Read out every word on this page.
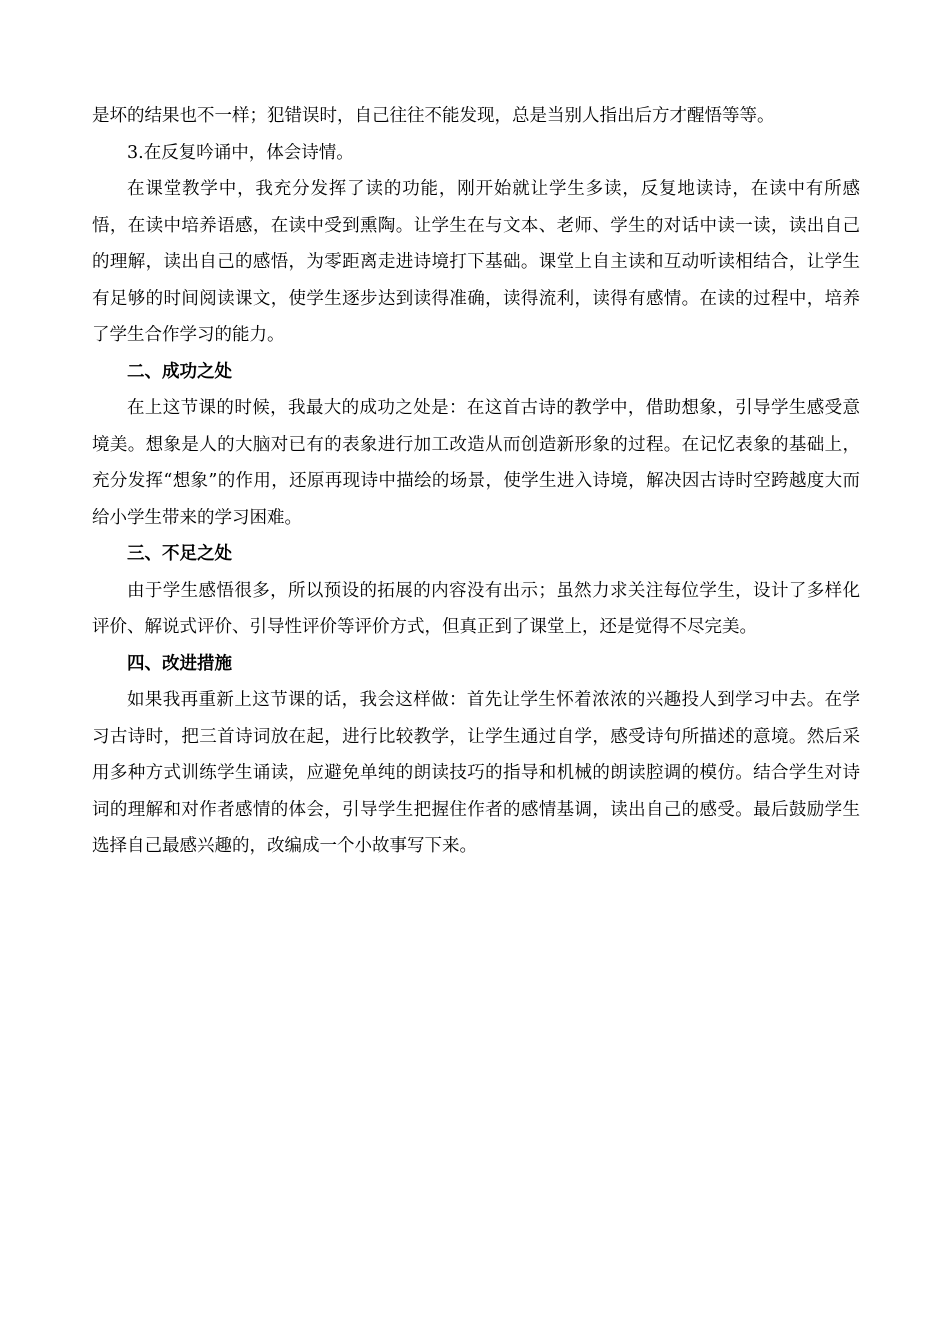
是坏的结果也不一样；犯错误时，自己往往不能发现，总是当别人指出后方才醒悟等等。

3.在反复吟诵中，体会诗情。

在课堂教学中，我充分发挥了读的功能，刚开始就让学生多读，反复地读诗，在读中有所感悟，在读中培养语感，在读中受到熏陶。让学生在与文本、老师、学生的对话中读一读，读出自己的理解，读出自己的感悟，为零距离走进诗境打下基础。课堂上自主读和互动听读相结合，让学生有足够的时间阅读课文，使学生逐步达到读得准确，读得流利，读得有感情。在读的过程中，培养了学生合作学习的能力。

二、成功之处

在上这节课的时候，我最大的成功之处是：在这首古诗的教学中，借助想象，引导学生感受意境美。想象是人的大脑对已有的表象进行加工改造从而创造新形象的过程。在记忆表象的基础上，充分发挥“想象”的作用，还原再现诗中描绘的场景，使学生进入诗境，解决因古诗时空跨越度大而给小学生带来的学习困难。

三、不足之处

由于学生感悟很多，所以预设的拓展的内容没有出示；虽然力求关注每位学生，设计了多样化评价、解说式评价、引导性评价等评价方式，但真正到了课堂上，还是觉得不尽完美。

四、改进措施

如果我再重新上这节课的话，我会这样做：首先让学生怀着浓浓的兴趣投人到学习中去。在学习古诗时，把三首诗词放在起，进行比较教学，让学生通过自学，感受诗句所描述的意境。然后采用多种方式训练学生诵读，应避免单纯的朗读技巧的指导和机械的朗读腔调的模仿。结合学生对诗词的理解和对作者感情的体会，引导学生把握住作者的感情基调，读出自己的感受。最后鼓励学生选择自己最感兴趣的，改编成一个小故事写下来。
